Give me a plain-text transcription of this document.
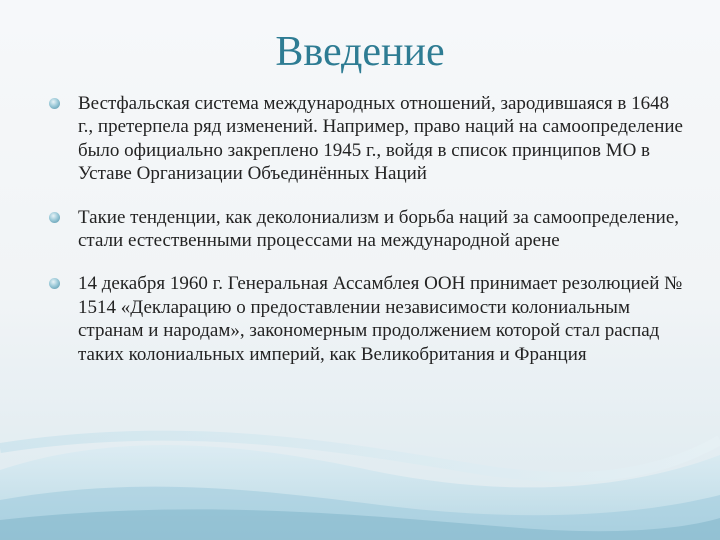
Введение
Вестфальская система международных отношений, зародившаяся в 1648 г., претерпела ряд изменений. Например, право наций на самоопределение было официально закреплено 1945 г., войдя в список принципов МО в Уставе Организации Объединённых Наций
Такие тенденции, как деколониализм и борьба наций за самоопределение, стали естественными процессами на международной арене
14 декабря 1960 г. Генеральная Ассамблея ООН принимает резолюцией № 1514 «Декларацию о предоставлении независимости колониальным странам и народам», закономерным продолжением которой стал распад таких колониальных империй, как Великобритания и Франция
